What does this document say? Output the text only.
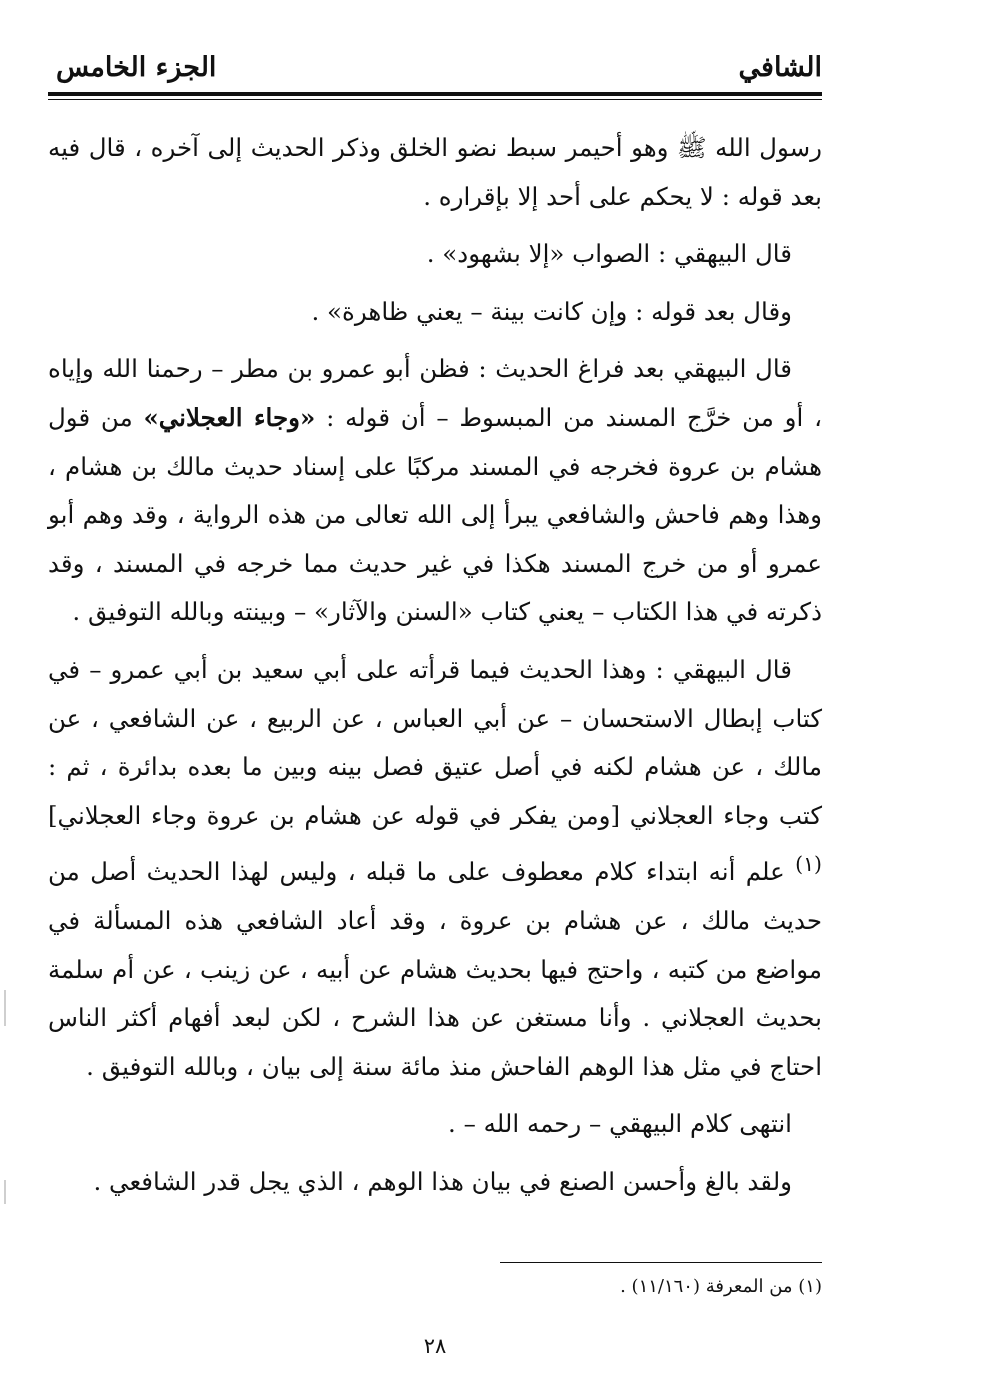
الشافي
الجزء الخامس

رسول الله ﷺ وهو أحيمر سبط نضو الخلق وذكر الحديث إلى آخره ، قال فيه بعد قوله : لا يحكم على أحد إلا بإقراره .

قال البيهقي : الصواب «إلا بشهود» .

وقال بعد قوله : وإن كانت بينة – يعني ظاهرة» .

قال البيهقي بعد فراغ الحديث : فظن أبو عمرو بن مطر – رحمنا الله وإياه ، أو من خرَّج المسند من المبسوط – أن قوله : «وجاء العجلاني» من قول هشام بن عروة فخرجه في المسند مركبًا على إسناد حديث مالك بن هشام ، وهذا وهم فاحش والشافعي يبرأ إلى الله تعالى من هذه الرواية ، وقد وهم أبو عمرو أو من خرج المسند هكذا في غير حديث مما خرجه في المسند ، وقد ذكرته في هذا الكتاب – يعني كتاب «السنن والآثار» – وبينته وبالله التوفيق .

قال البيهقي : وهذا الحديث فيما قرأته على أبي سعيد بن أبي عمرو – في كتاب إبطال الاستحسان – عن أبي العباس ، عن الربيع ، عن الشافعي ، عن مالك ، عن هشام لكنه في أصل عتيق فصل بينه وبين ما بعده بدائرة ، ثم : كتب وجاء العجلاني [ومن يفكر في قوله عن هشام بن عروة وجاء العجلاني]$^{(١)}$ علم أنه ابتداء كلام معطوف على ما قبله ، وليس لهذا الحديث أصل من حديث مالك ، عن هشام بن عروة ، وقد أعاد الشافعي هذه المسألة في مواضع من كتبه ، واحتج فيها بحديث هشام عن أبيه ، عن زينب ، عن أم سلمة بحديث العجلاني . وأنا مستغن عن هذا الشرح ، لكن لبعد أفهام أكثر الناس احتاج في مثل هذا الوهم الفاحش منذ مائة سنة إلى بيان ، وبالله التوفيق .

انتهى كلام البيهقي – رحمه الله – .

ولقد بالغ وأحسن الصنع في بيان هذا الوهم ، الذي يجل قدر الشافعي .

(١) من المعرفة (١١/١٦٠) .
٢٨
